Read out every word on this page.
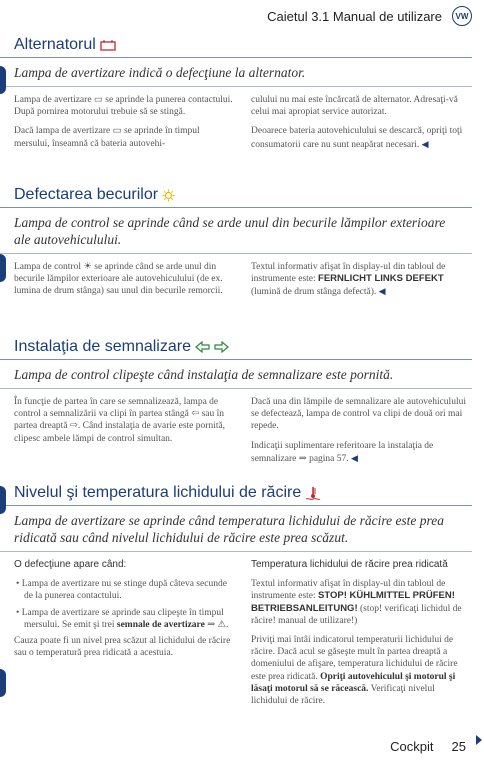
Caietul 3.1 Manual de utilizare VW
Alternatorul
Lampa de avertizare indică o defecţiune la alternator.

Lampa de avertizare ▭ se aprinde la punerea contactului. După pornirea motorului trebuie să se stingă.

Dacă lampa de avertizare ▭ se aprinde în timpul mersului, înseamnă că bateria autovehi-

culului nu mai este încărcată de alternator. Adresaţi-vă celui mai apropiat service autorizat.

Deoarece bateria autovehiculului se descarcă, opriţi toţi consumatorii care nu sunt neapărat necesari. ◀

Defectarea becurilor
Lampa de control se aprinde când se arde unul din becurile lămpilor exterioare ale autovehiculului.

Lampa de control ☀ se aprinde când se arde unul din becurile lămpilor exterioare ale autovehiculului (de ex. lumina de drum stânga) sau unul din becurile remorcii.

Textul informativ afişat în display-ul din tabloul de instrumente este: FERNLICHT LINKS DEFEKT (lumină de drum stânga defectă). ◀

Instalaţia de semnalizare
Lampa de control clipeşte când instalaţia de semnalizare este pornită.

În funcţie de partea în care se semnalizează, lampa de control a semnalizării va clipi în partea stângă ⇦ sau în partea dreaptă ⇨. Când instalaţia de avarie este pornită, clipesc ambele lămpi de control simultan.

Dacă una din lămpile de semnalizare ale autovehiculului se defectează, lampa de control va clipi de două ori mai repede.

Indicaţii suplimentare referitoare la instalaţia de semnalizare ⇒ pagina 57. ◀

Nivelul şi temperatura lichidului de răcire
Lampa de avertizare se aprinde când temperatura lichidului de răcire este prea ridicată sau când nivelul lichidului de răcire este prea scăzut.

O defecţiune apare când:

• Lampa de avertizare nu se stinge după câteva secunde de la punerea contactului.

• Lampa de avertizare se aprinde sau clipeşte în timpul mersului. Se emit şi trei semnale de avertizare ⇒ ⚠.

Cauza poate fi un nivel prea scăzut al lichidului de răcire sau o temperatură prea ridicată a acestuia.

Temperatura lichidului de răcire prea ridicată

Textul informativ afişat în display-ul din tabloul de instrumente este: STOP! KÜHLMITTEL PRÜFEN! BETRIEBSANLEITUNG! (stop! verificaţi lichidul de răcire! manual de utilizare!)

Priviţi mai întâi indicatorul temperaturii lichidului de răcire. Dacă acul se găseşte mult în partea dreaptă a domeniului de afişare, temperatura lichidului de răcire este prea ridicată. Opriţi autovehiculul şi motorul şi lăsaţi motorul să se răcească. Verificaţi nivelul lichidului de răcire.

Cockpit 25
